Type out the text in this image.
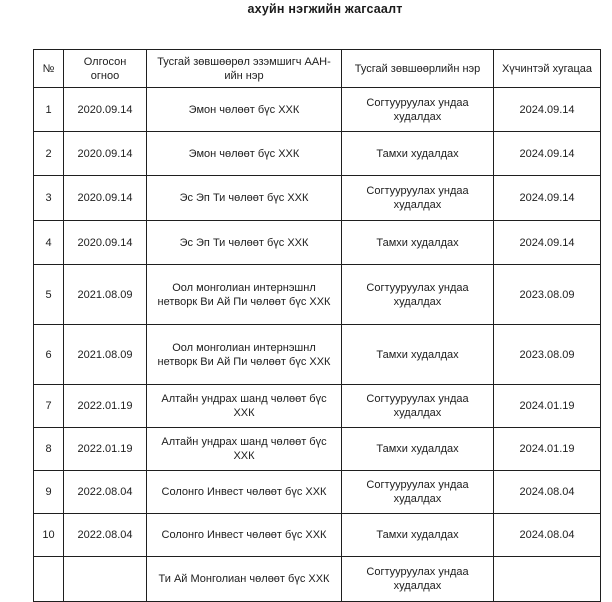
ахуйн нэгжийн жагсаалт
№	Олгосон огноо	Тусгай зөвшөөрөл эзэмшигч ААН-ийн нэр	Тусгай зөвшөөрлийн нэр	Хүчинтэй хугацаа
1	2020.09.14	Эмон чөлөөт бүс ХХК	Согтууруулах ундаа худалдах	2024.09.14
2	2020.09.14	Эмон чөлөөт бүс ХХК	Тамхи худалдах	2024.09.14
3	2020.09.14	Эс Эп Ти чөлөөт бүс ХХК	Согтууруулах ундаа худалдах	2024.09.14
4	2020.09.14	Эс Эп Ти чөлөөт бүс ХХК	Тамхи худалдах	2024.09.14
5	2021.08.09	Оол монголиан интернэшнл нетворк Ви Ай Пи чөлөөт бүс ХХК	Согтууруулах ундаа худалдах	2023.08.09
6	2021.08.09	Оол монголиан интернэшнл нетворк Ви Ай Пи чөлөөт бүс ХХК	Тамхи худалдах	2023.08.09
7	2022.01.19	Алтайн ундрах шанд чөлөөт бүс ХХК	Согтууруулах ундаа худалдах	2024.01.19
8	2022.01.19	Алтайн ундрах шанд чөлөөт бүс ХХК	Тамхи худалдах	2024.01.19
9	2022.08.04	Солонго Инвест чөлөөт бүс ХХК	Согтууруулах ундаа худалдах	2024.08.04
10	2022.08.04	Солонго Инвест чөлөөт бүс ХХК	Тамхи худалдах	2024.08.04
		Ти Ай Монголиан чөлөөт бүс ХХК	Согтууруулах ундаа худалдах	
